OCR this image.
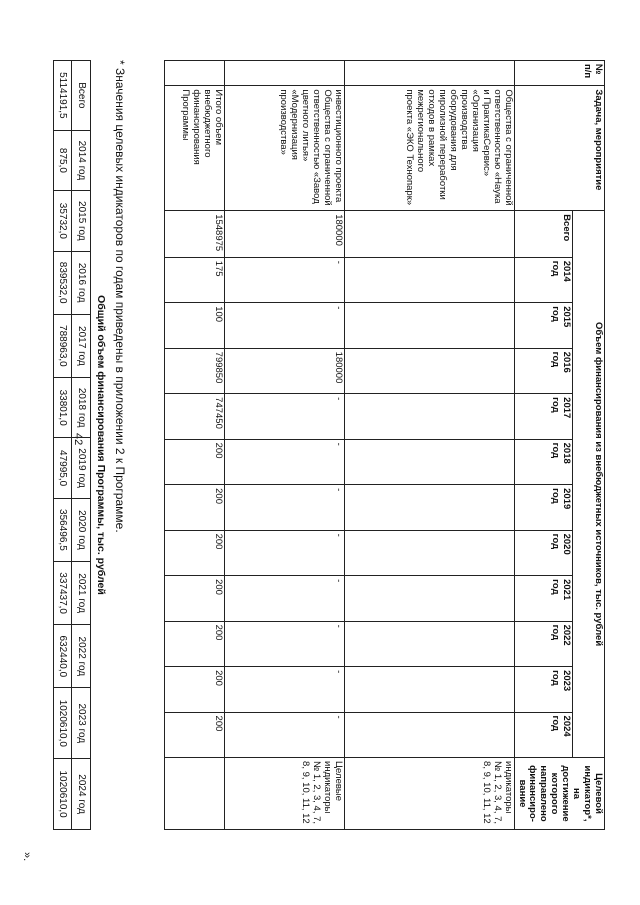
42
№ п/п	Задача, мероприятие	Объем финансирования из внебюджетных источников, тыс. рублей												Целевой индикатор*, на достижение которого направлено финансиро-вание
		Всего	2014 год	2015 год	2016 год	2017 год	2018 год	2019 год	2020 год	2021 год	2022 год	2023 год	2024 год	
	Общества с ограниченной ответственностью «Наука и ПрактикаСервис» «Организация производства оборудования для пиролизной переработки отходов в рамках межрегионального проекта «ЭКО Технопарк»													индикаторы № 1, 2, 3, 4, 7, 8, 9, 10, 11, 12
	инвестиционного проекта Общества с ограниченной ответственностью «Завод цветного литья» «Модернизация производства»	180000	-	-	180000	-	-	-	-	-	-	-	-	Целевые индикаторы № 1, 2, 3, 4, 7, 8, 9, 10, 11, 12
	Итого объем внебюджетного финансирования Программы	1548975	175	100	799850	747450	200	200	200	200	200	200	200	
* Значения целевых индикаторов по годам приведены в приложении 2 к Программе.
Общий объем финансирования Программы, тыс. рублей
Всего	2014 год	2015 год	2016 год	2017 год	2018 год	2019 год	2020 год	2021 год	2022 год	2023 год	2024 год
5114191,5	875,0	35732,0	839532,0	788963,0	33801,0	47995,0	356496,5	337437,0	632440,0	1020610,0	1020610,0
».
